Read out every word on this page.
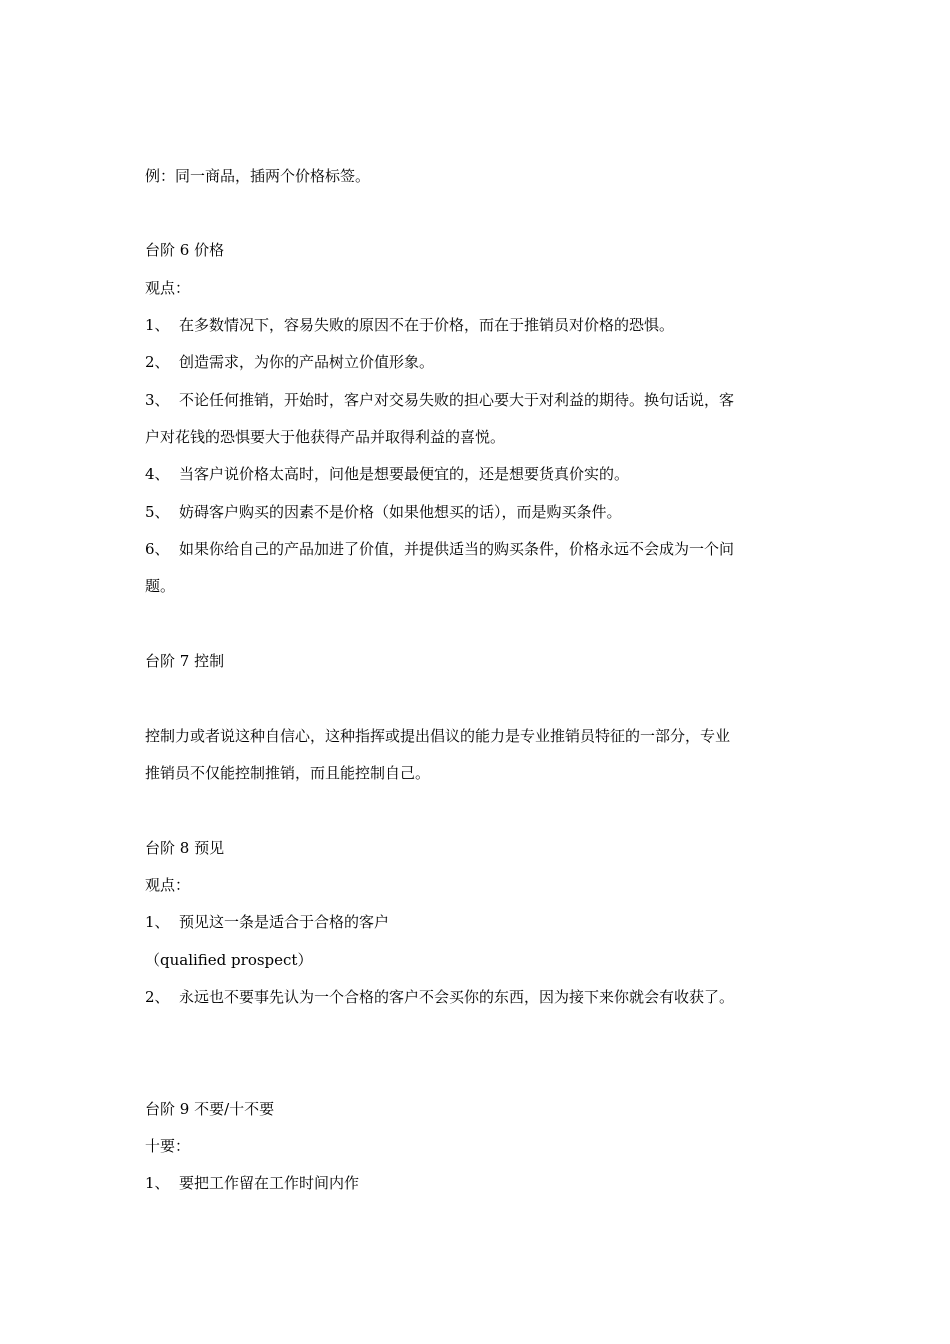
例：同一商品，插两个价格标签。
台阶 6 价格
观点：
1、 在多数情况下，容易失败的原因不在于价格，而在于推销员对价格的恐惧。
2、 创造需求，为你的产品树立价值形象。
3、 不论任何推销，开始时，客户对交易失败的担心要大于对利益的期待。换句话说，客
户对花钱的恐惧要大于他获得产品并取得利益的喜悦。
4、 当客户说价格太高时，问他是想要最便宜的，还是想要货真价实的。
5、 妨碍客户购买的因素不是价格（如果他想买的话），而是购买条件。
6、 如果你给自己的产品加进了价值，并提供适当的购买条件，价格永远不会成为一个问
题。
台阶 7 控制
控制力或者说这种自信心，这种指挥或提出倡议的能力是专业推销员特征的一部分，专业
推销员不仅能控制推销，而且能控制自己。
台阶 8 预见
观点：
1、 预见这一条是适合于合格的客户
（qualified prospect）
2、 永远也不要事先认为一个合格的客户不会买你的东西，因为接下来你就会有收获了。
台阶 9 不要/十不要
十要：
1、 要把工作留在工作时间内作
